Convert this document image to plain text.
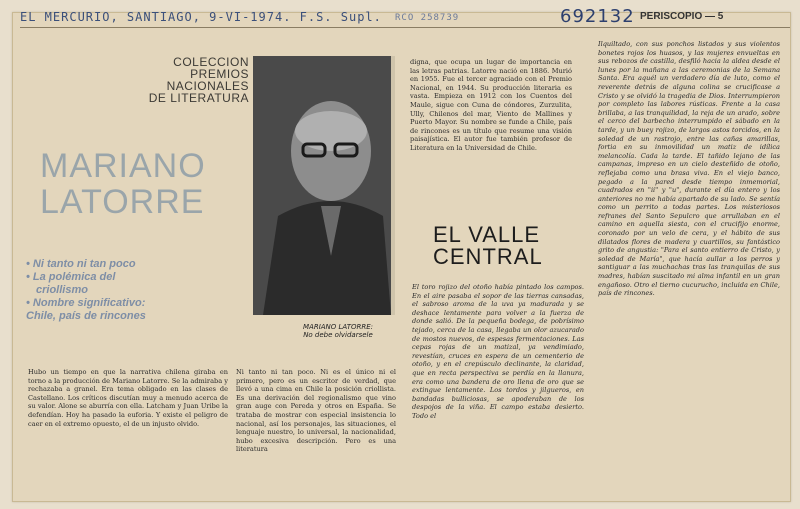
EL MERCURIO, SANTIAGO, 9-VI-1974. F.S. Supl. RCO 258739	692132 PERISCOPIO — 5
COLECCION
PREMIOS
NACIONALES
DE LITERATURA
MARIANO
LATORRE
MARIANO LATORRE:
No debe olvidarsele
• Ni tanto ni tan poco
• La polémica del
criollismo
• Nombre significativo:
Chile, país de rincones
EL VALLE
CENTRAL
Hubo un tiempo en que la narrativa chilena giraba en torno a la producción de Mariano Latorre. Se la admiraba y rechazaba a granel. Era tema obligado en las clases de Castellano. Los críticos discutían muy a menudo acerca de su valor. Alone se aburría con ella. Latcham y Juan Uribe la defendían. Hoy ha pasado la euforia. Y existe el peligro de caer en el extremo opuesto, el de un injusto olvido.
Ni tanto ni tan poco. Ni es el único ni el primero, pero es un escritor de verdad, que llevó a una cima en Chile la posición criollista. Es una derivación del regionalismo que vino gran auge con Pereda y otros en España. Se trataba de mostrar con especial insistencia lo nacional, así los personajes, las situaciones, el lenguaje nuestro, lo universal, la nacionalidad, hubo excesiva descripción. Pero es una literatura
digna, que ocupa un lugar de importancia en las letras patrias. Latorre nació en 1886. Murió en 1955. Fue el tercer agraciado con el Premio Nacional, en 1944. Su producción literaria es vasta. Empieza en 1912 con los Cuentos del Maule, sigue con Cuna de cóndores, Zurzulita, Ully, Chilenos del mar, Viento de Mallines y Puerto Mayor. Su nombre se funde a Chile, país de rincones es un título que resume una visión paisajística. El autor fue también profesor de Literatura en la Universidad de Chile.
El toro rojizo del otoño había pintado los campos. En el aire pasaba el sopor de las tierras cansadas, el sabroso aroma de la uva ya madurada y se deshace lentamente para volver a la fuerza de donde salió. De la pequeña bodega, de pobrísimo tejado, cerca de la casa, llegaba un olor azucarado de mostos nuevos, de espesas fermentaciones. Las cepas rojas de un matizal, ya vendimiado, revestían, cruces en espera de un cementerio de otoño, y en el crepúsculo declinante, la claridad, que en recta perspectiva se perdía en la llanura, era como una bandera de oro llena de oro que se extingue lentamente. Los tordos y jilgueros, en bandadas bulliciosas, se apoderaban de los despojos de la viña. El campo estaba desierto. Todo el
Ilquiltado, con sus ponchos listados y sus violentos bonetes rojos los huasos, y las mujeres envueltas en sus rebozos de castilla, desfiló hacia la aldea desde el lunes por la mañana a las ceremonias de la Semana Santa. Era aquél un verdadero día de luto, como el reverente detrás de alguna colina se crucificase a Cristo y se olvidó la tragedia de Dios. Interrumpieron por completo las labores rústicas. Frente a la casa brillaba, a las tranquilidad, la reja de un arado, sobre el cerco del barbecho interrumpido el sábado en la tarde, y un buey rojizo, de largos astos torcidos, en la soledad de un rastrojo, entre las cañas amarillas, fortia en su inmovilidad un matiz de idílica melancolía. Cada la tarde. El tañido lejano de las campanas, impreso en un cielo desteñido de otoño, reflejaba como una brasa viva. En el viejo banco, pegado a la pared desde tiempo inmemorial, cuadrados en "ii" y "u", durante el día entero y los anteriores no me había apartado de su lado. Se sentía como un perrito a todas partes. Los misteriosos refranes del Santo Sepulcro que arrullaban en el camino en aquella siesta, con el crucifijo enorme, coronado por un velo de cera, y el hábito de sus dilatados flores de madera y cuartillos, su fantástico grito de angustia: "Para el santo entierro de Cristo, y soledad de María", que hacía aullar a los perros y santiguar a las muchachas tras las tranquilas de sus madres, habían suscitado mi alma infantil en un gran engañoso. Otro el tierno cucurucho, incluida en Chile, país de rincones.
